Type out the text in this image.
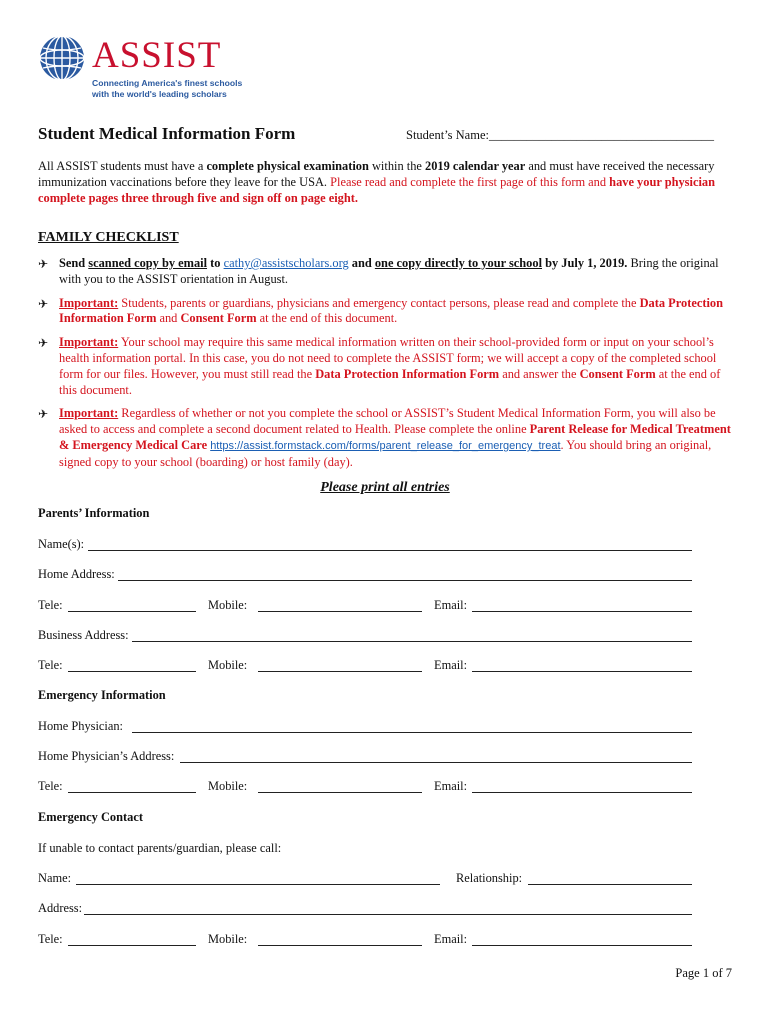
ASSIST
Connecting America's finest schools
with the world's leading scholars
Student Medical Information Form	Student’s Name:____________________________________
All ASSIST students must have a complete physical examination within the 2019 calendar year and must have received the necessary immunization vaccinations before they leave for the USA. Please read and complete the first page of this form and have your physician complete pages three through five and sign off on page eight.
FAMILY CHECKLIST
✈ Send scanned copy by email to cathy@assistscholars.org and one copy directly to your school by July 1, 2019. Bring the original with you to the ASSIST orientation in August.
✈ Important: Students, parents or guardians, physicians and emergency contact persons, please read and complete the Data Protection Information Form and Consent Form at the end of this document.
✈ Important: Your school may require this same medical information written on their school-provided form or input on your school’s health information portal. In this case, you do not need to complete the ASSIST form; we will accept a copy of the completed school form for our files. However, you must still read the Data Protection Information Form and answer the Consent Form at the end of this document.
✈ Important: Regardless of whether or not you complete the school or ASSIST’s Student Medical Information Form, you will also be asked to access and complete a second document related to Health. Please complete the online Parent Release for Medical Treatment & Emergency Medical Care https://assist.formstack.com/forms/parent_release_for_emergency_treat. You should bring an original, signed copy to your school (boarding) or host family (day).
Please print all entries
Parents’ Information
Name(s):
Home Address:
Tele:	Mobile:	Email:
Business Address:
Tele:	Mobile:	Email:
Emergency Information
Home Physician:
Home Physician’s Address:
Tele:	Mobile:	Email:
Emergency Contact
If unable to contact parents/guardian, please call:
Name:	Relationship:
Address:
Tele:	Mobile:	Email:
Page 1 of 7
